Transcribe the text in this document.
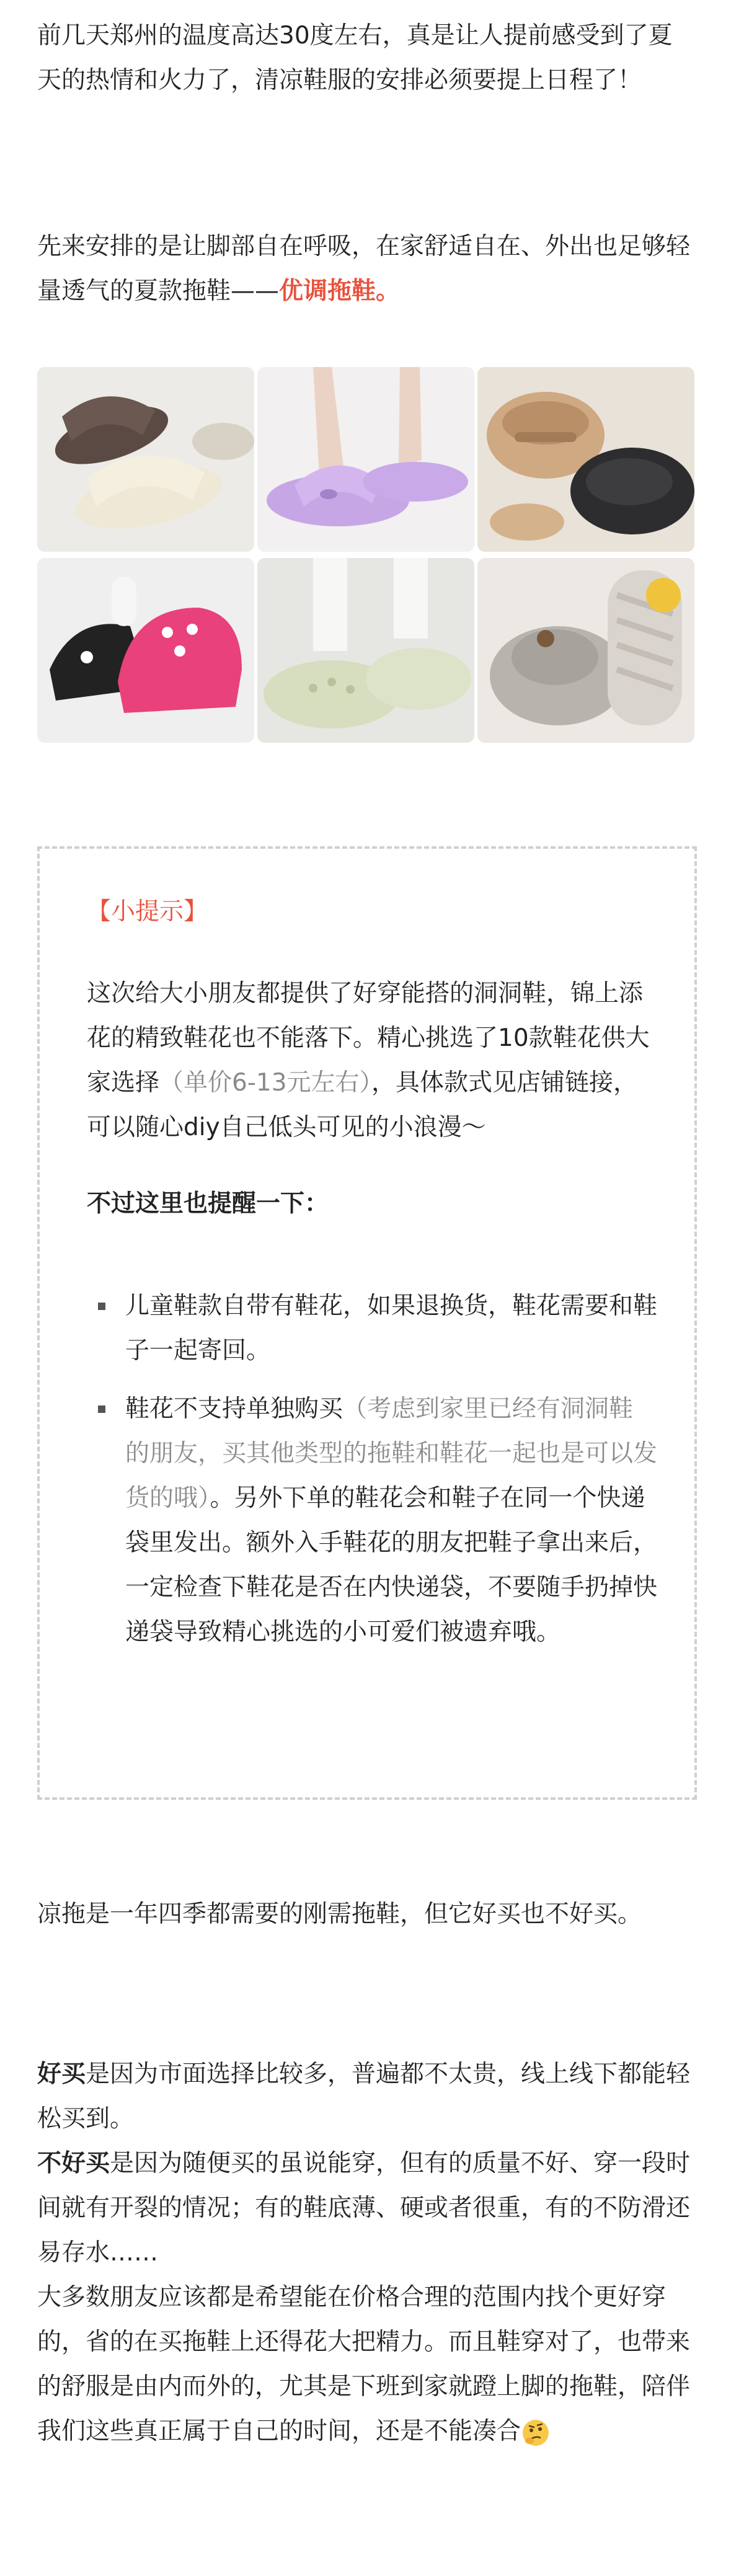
前几天郑州的温度高达30度左右，真是让人提前感受到了夏天的热情和火力了，清凉鞋服的安排必须要提上日程了！

先来安排的是让脚部自在呼吸，在家舒适自在、外出也足够轻量透气的夏款拖鞋——优调拖鞋。

【小提示】
这次给大小朋友都提供了好穿能搭的洞洞鞋，锦上添花的精致鞋花也不能落下。精心挑选了10款鞋花供大家选择（单价6-13元左右），具体款式见店铺链接，可以随心diy自己低头可见的小浪漫～
不过这里也提醒一下：
儿童鞋款自带有鞋花，如果退换货，鞋花需要和鞋子一起寄回。
鞋花不支持单独购买（考虑到家里已经有洞洞鞋的朋友，买其他类型的拖鞋和鞋花一起也是可以发货的哦）。另外下单的鞋花会和鞋子在同一个快递袋里发出。额外入手鞋花的朋友把鞋子拿出来后，一定检查下鞋花是否在内快递袋，不要随手扔掉快递袋导致精心挑选的小可爱们被遗弃哦。

凉拖是一年四季都需要的刚需拖鞋，但它好买也不好买。

好买是因为市面选择比较多，普遍都不太贵，线上线下都能轻松买到。

不好买是因为随便买的虽说能穿，但有的质量不好、穿一段时间就有开裂的情况；有的鞋底薄、硬或者很重，有的不防滑还易存水……

大多数朋友应该都是希望能在价格合理的范围内找个更好穿的，省的在买拖鞋上还得花大把精力。而且鞋穿对了，也带来的舒服是由内而外的，尤其是下班到家就蹬上脚的拖鞋，陪伴我们这些真正属于自己的时间，还是不能凑合
